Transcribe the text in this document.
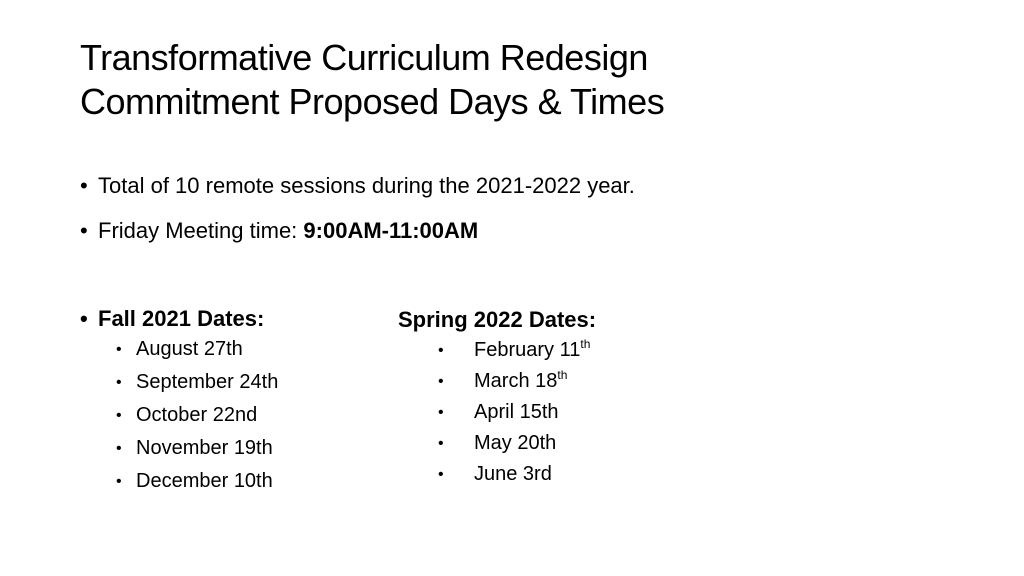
Transformative Curriculum Redesign
Commitment Proposed Days & Times
• Total of 10 remote sessions during the 2021-2022 year.
• Friday Meeting time: 9:00AM-11:00AM
• Fall 2021 Dates:
• August 27th
• September 24th
• October 22nd
• November 19th
• December 10th
Spring 2022 Dates:
• February 11th
• March 18th
• April 15th
• May 20th
• June 3rd
